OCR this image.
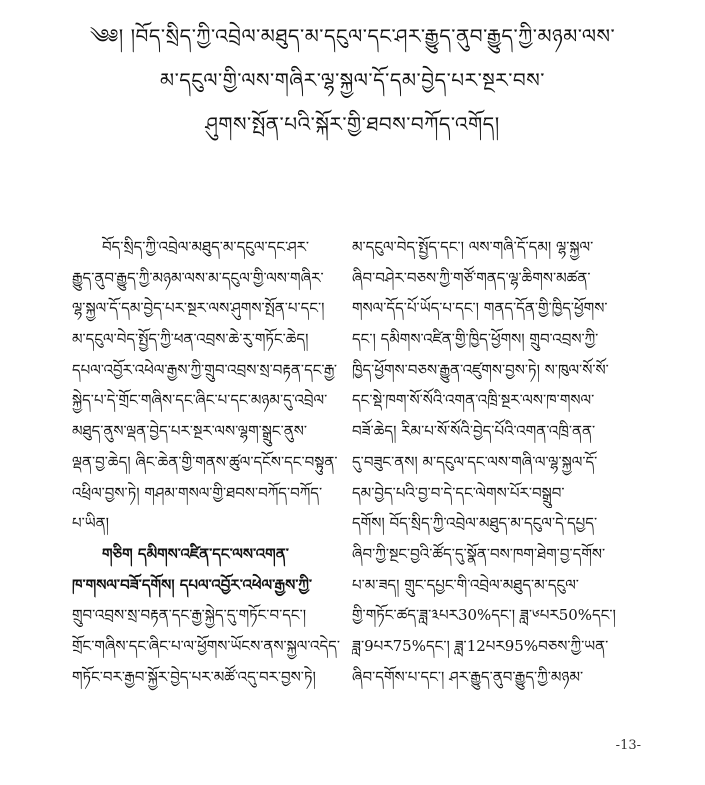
༄༅། །བོད་སྲིད་ཀྱི་འབྲེལ་མཐུད་མ་དངུལ་དང་ཤར་རྒྱུད་ནུབ་རྒྱུད་ཀྱི་མཉམ་ལས་
མ་དངུལ་གྱི་ལས་གཞིར་ལྷ་སྐྱལ་དོ་དམ་བྱེད་པར་སྔར་བས་
ཤུགས་སྤོན་པའི་སྐོར་གྱི་ཐབས་བཀོད་འགོད།
བོད་སྲིད་ཀྱི་འབྲེལ་མཐུད་མ་དངུལ་དང་ཤར་
རྒྱུད་ནུབ་རྒྱུད་ཀྱི་མཉམ་ལས་མ་དངུལ་གྱི་ལས་གཞིར་
ལྷ་སྐྱལ་དོ་དམ་བྱེད་པར་སྔར་ལས་ཤུགས་སྤོན་པ་དང་།
མ་དངུལ་བེད་སྤྱོད་ཀྱི་ཕན་འབྲས་ཆེ་རུ་གཏོང་ཆེད།
དཔལ་འབྱོར་འཕེལ་རྒྱས་ཀྱི་གྲུབ་འབྲས་སྲ་བརྟན་དང་རྒྱ་
སྐྱེད་པ་དེ་གྲོང་གཞིས་དང་ཞིང་པ་དང་མཉམ་དུ་འབྲེལ་
མཐུད་ནུས་ལྡན་བྱེད་པར་སྔར་ལས་ལྷག་སྒྲུང་ནུས་
ལྡན་བྱ་ཆེད། ཞིང་ཆེན་གྱི་གནས་ཚུལ་དངོས་དང་བསྟུན་
འཕྲིལ་བྱས་ཏེ། གཤམ་གསལ་གྱི་ཐབས་བཀོད་བཀོད་
པ་ཡིན།
གཅིག དམིགས་འཛིན་དང་ལས་འགན་
ཁ་གསལ་བཟོ་དགོས། དཔལ་འབྱོར་འཕེལ་རྒྱས་ཀྱི་
གྲུབ་འབྲས་སྲ་བརྟན་དང་རྒྱ་སྐྱེད་དུ་གཏོང་བ་དང་།
གྲོང་གཞིས་དང་ཞིང་པ་ལ་ཕྱོགས་ཡོངས་ནས་སྐྱལ་འདེད་
གཏོང་བར་རྒྱབ་སྐྱོར་བྱེད་པར་མཚོ་འདུ་བར་བྱས་ཏེ།
མ་དངུལ་བེད་སྤྱོད་དང་། ལས་གཞི་དོ་དམ། ལྷ་སྐྱལ་
ཞིབ་བཤེར་བཅས་ཀྱི་གཙོ་གནད་ལྷ་ཆིགས་མཚན་
གསལ་དོད་པོ་ཡོད་པ་དང་། གནད་དོན་གྱི་ཁྱིད་ཕྱོགས་
དང་། དམིགས་འཛིན་གྱི་ཁྱིད་ཕྱོགས། གྲུབ་འབྲས་ཀྱི་
ཁྱིད་ཕྱོགས་བཅས་རྒྱུན་འཛུགས་བྱས་ཏེ། ས་ཁུལ་སོ་སོ་
དང་སྡེ་ཁག་སོ་སོའི་འགན་འཁྲི་སྔར་ལས་ཁ་གསལ་
བཟོ་ཆེད། རིམ་པ་སོ་སོའི་བྱེད་པོའི་འགན་འཁྲི་ནན་
དུ་བཟུང་ནས། མ་དངུལ་དང་ལས་གཞི་ལ་ལྷ་སྐྱལ་དོ་
དམ་བྱེད་པའི་བྱ་བ་དེ་དང་ལེགས་པོར་བསྒྲུབ་
དགོས། བོད་སྲིད་ཀྱི་འབྲེལ་མཐུད་མ་དངུལ་དེ་དཔྱད་
ཞིབ་ཀྱི་སྔང་བྱའི་ཚོད་དུ་སྣོན་བས་ཁག་ཐེག་བྱ་དགོས་
པ་མ་ཟད། གྲུང་དཔྱང་གི་འབྲེལ་མཐུད་མ་དངུལ་
གྱི་གཏོང་ཚད་ཟླ་༣པར30%དང་། ཟླ་༦པར50%དང་།
ཟླ་9པར75%དང་། ཟླ་12པར95%བཅས་ཀྱི་ཡན་
ཞིབ་དགོས་པ་དང་། ཤར་རྒྱུད་ནུབ་རྒྱུད་ཀྱི་མཉམ་
-13-
